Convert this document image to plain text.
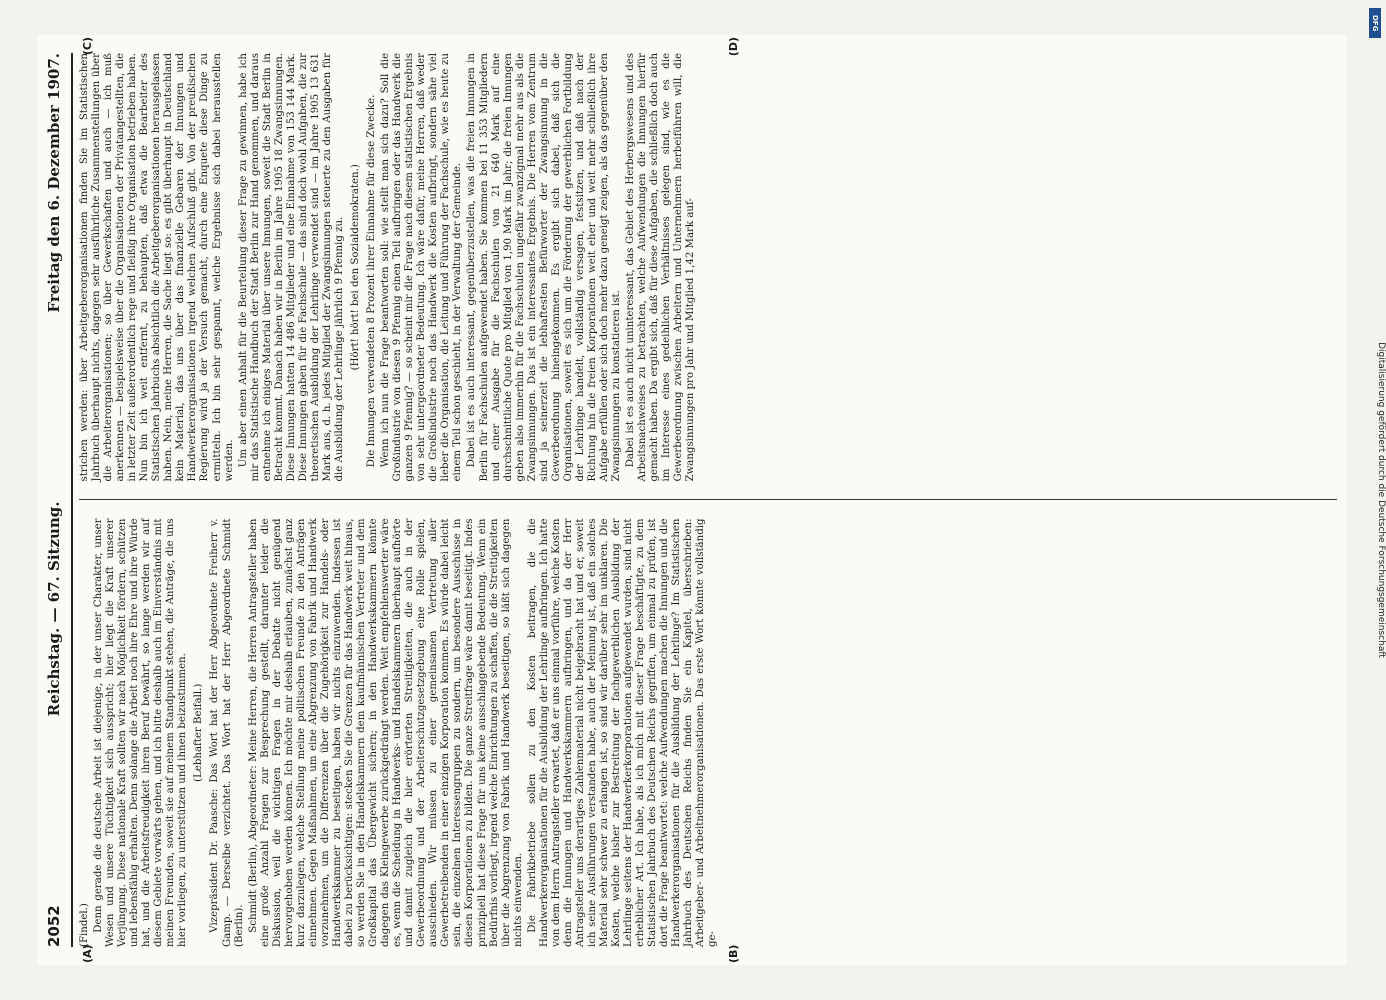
2052
Reichstag. — 67. Sitzung.
Freitag den 6. Dezember 1907.
(A)	(B)
(C)	(D)

(Findel.) Denn gerade die deutsche Arbeit ist diejenige, in der unser Charakter, unser Wesen und unsere Tüchtigkeit sich ausspricht; hier liegt die Kraft unserer Verjüngung. Diese nationale Kraft sollten wir nach Möglichkeit fördern, schützen und lebensfähig erhalten. Denn solange die Arbeit noch ihre Ehre und ihre Würde hat, und die Arbeitsfreudigkeit ihren Beruf bewährt, so lange werden wir auf diesem Gebiete vorwärts gehen, und ich bitte deshalb auch im Einverständnis mit meinen Freunden, soweit sie auf meinem Standpunkt stehen, die Anträge, die uns hier vorliegen, zu unterstützen und ihnen beizustimmen. (Lebhafter Beifall.) Vizepräsident Dr. Paasche: Das Wort hat der Herr Abgeordnete Freiherr v. Gamp. — Derselbe verzichtet. Das Wort hat der Herr Abgeordnete Schmidt (Berlin). Schmidt (Berlin), Abgeordneter: Meine Herren, die Herren Antragsteller haben eine große Anzahl Fragen zur Besprechung gestellt, darunter leider die Diskussion, weil die wichtigen Fragen in der Debatte nicht genügend hervorgehoben werden können. Ich möchte mir deshalb erlauben, zunächst ganz kurz darzulegen, welche Stellung meine politischen Freunde zu den Anträgen einnehmen. Gegen Maßnahmen, um eine Abgrenzung von Fabrik und Handwerk vorzunehmen, um die Differenzen über die Zugehörigkeit zur Handels- oder Handwerkskammer zu beseitigen, haben wir nichts einzuwenden. Indessen ist dabei zu berücksichtigen: stecken Sie die Grenzen für das Handwerk weit hinaus, so werden Sie in den Handelskammern dem kaufmännischen Vertreter und dem Großkapital das Übergewicht sichern; in den Handwerkskammern könnte dagegen das Kleingewerbe zurückgedrängt werden. Weit empfehlenswerter wäre es, wenn die Scheidung in Handwerks- und Handelskammern überhaupt aufhörte und damit zugleich die hier erörterten Streitigkeiten, die auch in der Gewerbeordnung und der Arbeiterschutzgesetzgebung eine Rolle spielen, ausschieden. Wir müssen zu einer gemeinsamen Vertretung aller Gewerbetreibenden in einer einzigen Korporation kommen. Es würde dabei leicht sein, die einzelnen Interessengruppen zu sondern, um besondere Ausschüsse in diesen Korporationen zu bilden. Die ganze Streitfrage wäre damit beseitigt. Indes prinzipiell hat diese Frage für uns keine ausschlaggebende Bedeutung. Wenn ein Bedürfnis vorliegt, irgend welche Einrichtungen zu schaffen, die die Streitigkeiten über die Abgrenzung von Fabrik und Handwerk beseitigen, so läßt sich dagegen nichts einwenden. Die Fabrikbetriebe sollen zu den Kosten beitragen, die die Handwerkerorganisationen für die Ausbildung der Lehrlinge aufbringen. Ich hatte von dem Herrn Antragsteller erwartet, daß er uns einmal vorführe, welche Kosten denn die Innungen und Handwerkskammern aufbringen, und da der Herr Antragsteller uns derartiges Zahlenmaterial nicht beigebracht hat und er, soweit ich seine Ausführungen verstanden habe, auch der Meinung ist, daß ein solches Material sehr schwer zu erlangen ist, so sind wir darüber sehr im unklaren. Die Kosten, welche bisher zur Bestreitung der fachgewerblichen Ausbildung der Lehrlinge seitens der Handwerkerkorporationen aufgewendet wurden, sind nicht erheblicher Art. Ich habe, als ich mich mit dieser Frage beschäftigte, zu dem Statistischen Jahrbuch des Deutschen Reichs gegriffen, um einmal zu prüfen, ist dort die Frage beantwortet: welche Aufwendungen machen die Innungen und die Handwerkerorganisationen für die Ausbildung der Lehrlinge? Im Statistischen Jahrbuch des Deutschen Reichs finden Sie ein Kapitel, überschrieben: Arbeitgeber- und Arbeitnehmerorganisationen. Das erste Wort könnte vollständig ge-

strichen werden: über Arbeitgeberorganisationen finden Sie im Statistischen Jahrbuch überhaupt nichts, dagegen sehr ausführliche Zusammenstellungen über die Arbeiterorganisationen; so über Gewerkschaften und auch — ich muß anerkennen — beispielsweise über die Organisationen der Privatangestellten, die in letzter Zeit außerordentlich rege und fleißig ihre Organisation betrieben haben. Nun bin ich weit entfernt, zu behaupten, daß etwa die Bearbeiter des Statistischen Jahrbuchs absichtlich die Arbeitgeberorganisationen herausgelassen haben. Nein, meine Herren, die Sache liegt so: es gibt überhaupt in Deutschland kein Material, das uns über das finanzielle Gebaren der Innungen und Handwerkerorganisationen irgend welchen Aufschluß gibt. Von der preußischen Regierung wird ja der Versuch gemacht, durch eine Enquete diese Dinge zu ermitteln. Ich bin sehr gespannt, welche Ergebnisse sich dabei herausstellen werden. Um aber einen Anhalt für die Beurteilung dieser Frage zu gewinnen, habe ich mir das Statistische Handbuch der Stadt Berlin zur Hand genommen, und daraus entnehme ich einiges Material über unsere Innungen, soweit die Stadt Berlin in Betracht kommt. Danach haben wir in Berlin im Jahre 1905 18 Zwangsinnungen. Diese Innungen hatten 14 486 Mitglieder und eine Einnahme von 153 144 Mark. Diese Innungen gaben für die Fachschule — das sind doch wohl Aufgaben, die zur theoretischen Ausbildung der Lehrlinge verwendet sind — im Jahre 1905 13 631 Mark aus, d. h. jedes Mitglied der Zwangsinnungen steuerte zu den Ausgaben für die Ausbildung der Lehrlinge jährlich 9 Pfennig zu. (Hört! hört! bei den Sozialdemokraten.) Die Innungen verwendeten 8 Prozent ihrer Einnahme für diese Zwecke. Wenn ich nun die Frage beantworten soll: wie stellt man sich dazu? Soll die Großindustrie von diesen 9 Pfennig einen Teil aufbringen oder das Handwerk die ganzen 9 Pfennig? — so scheint mir die Frage nach diesem statistischen Ergebnis von sehr untergeordneter Bedeutung. Ich wäre dafür, meine Herren, daß weder die Großindustrie noch das Handwerk die Kosten aufbringt, sondern sähe viel lieber die Organisation, die Leitung und Führung der Fachschule, wie es heute zu einem Teil schon geschieht, in der Verwaltung der Gemeinde. Dabei ist es auch interessant, gegenüberzustellen, was die freien Innungen in Berlin für Fachschulen aufgewendet haben. Sie kommen bei 11 353 Mitgliedern und einer Ausgabe für die Fachschulen von 21 640 Mark auf eine durchschnittliche Quote pro Mitglied von 1,90 Mark im Jahr; die freien Innungen geben also immerhin für die Fachschulen ungefähr zwanzigmal mehr aus als die Zwangsinnungen. Das ist ein interessantes Ergebnis. Die Herren vom Zentrum sind ja seinerzeit die lebhaftesten Befürworter der Zwangsinnung in die Gewerbeordnung hineingekommen. Es ergibt sich dabei, daß sich die Organisationen, soweit es sich um die Förderung der gewerblichen Fortbildung der Lehrlinge handelt, vollständig versagen, festsitzen, und daß nach der Richtung hin die freien Korporationen weit eher und weit mehr schließlich ihre Aufgabe erfüllen oder sich doch mehr dazu geneigt zeigen, als das gegenüber den Zwangsinnungen zu konstatieren ist. Dabei ist es auch nicht uninteressant, das Gebiet des Herbergswesens und des Arbeitsnachweises zu betrachten, welche Aufwendungen die Innungen hierfür gemacht haben. Da ergibt sich, daß für diese Aufgaben, die schließlich doch auch im Interesse eines gedeihlichen Verhältnisses gelegen sind, wie es die Gewerbeordnung zwischen Arbeitern und Unternehmern herbeiführen will, die Zwangsinnungen pro Jahr und Mitglied 1,42 Mark auf-

DFG
Digitalisierung gefördert durch die Deutsche Forschungsgemeinschaft
